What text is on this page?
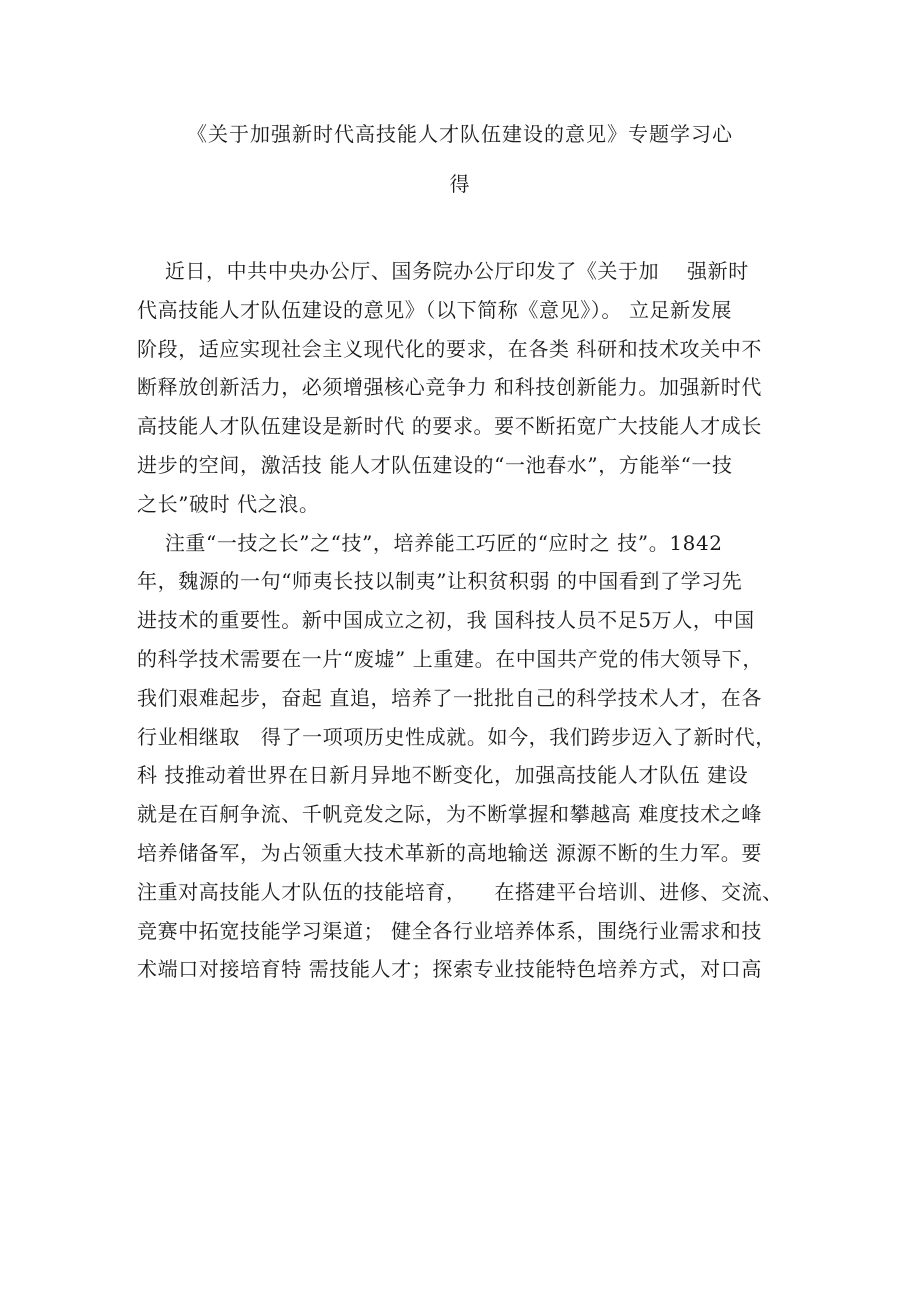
《关于加强新时代高技能人才队伍建设的意见》专题学习心
得
近日，中共中央办公厅、国务院办公厅印发了《关于加    强新时
代高技能人才队伍建设的意见》（以下简称《意见》）。 立足新发展
阶段，适应实现社会主义现代化的要求，在各类 科研和技术攻关中不
断释放创新活力，必须增强核心竞争力 和科技创新能力。加强新时代
高技能人才队伍建设是新时代 的要求。要不断拓宽广大技能人才成长
进步的空间，激活技 能人才队伍建设的“一池春水”，方能举“一技
之长”破时 代之浪。
注重“一技之长”之“技”，培养能工巧匠的“应时之 技”。1842
年，魏源的一句“师夷长技以制夷”让积贫积弱 的中国看到了学习先
进技术的重要性。新中国成立之初，我 国科技人员不足5万人，中国
的科学技术需要在一片“废墟” 上重建。在中国共产党的伟大领导下，
我们艰难起步，奋起 直追，培养了一批批自己的科学技术人才，在各
行业相继取   得了一项项历史性成就。如今，我们跨步迈入了新时代，
科 技推动着世界在日新月异地不断变化，加强高技能人才队伍 建设
就是在百舸争流、千帆竞发之际，为不断掌握和攀越高 难度技术之峰
培养储备军，为占领重大技术革新的高地输送 源源不断的生力军。要
注重对高技能人才队伍的技能培育，    在搭建平台培训、进修、交流、
竞赛中拓宽技能学习渠道； 健全各行业培养体系，围绕行业需求和技
术端口对接培育特 需技能人才；探索专业技能特色培养方式，对口高
